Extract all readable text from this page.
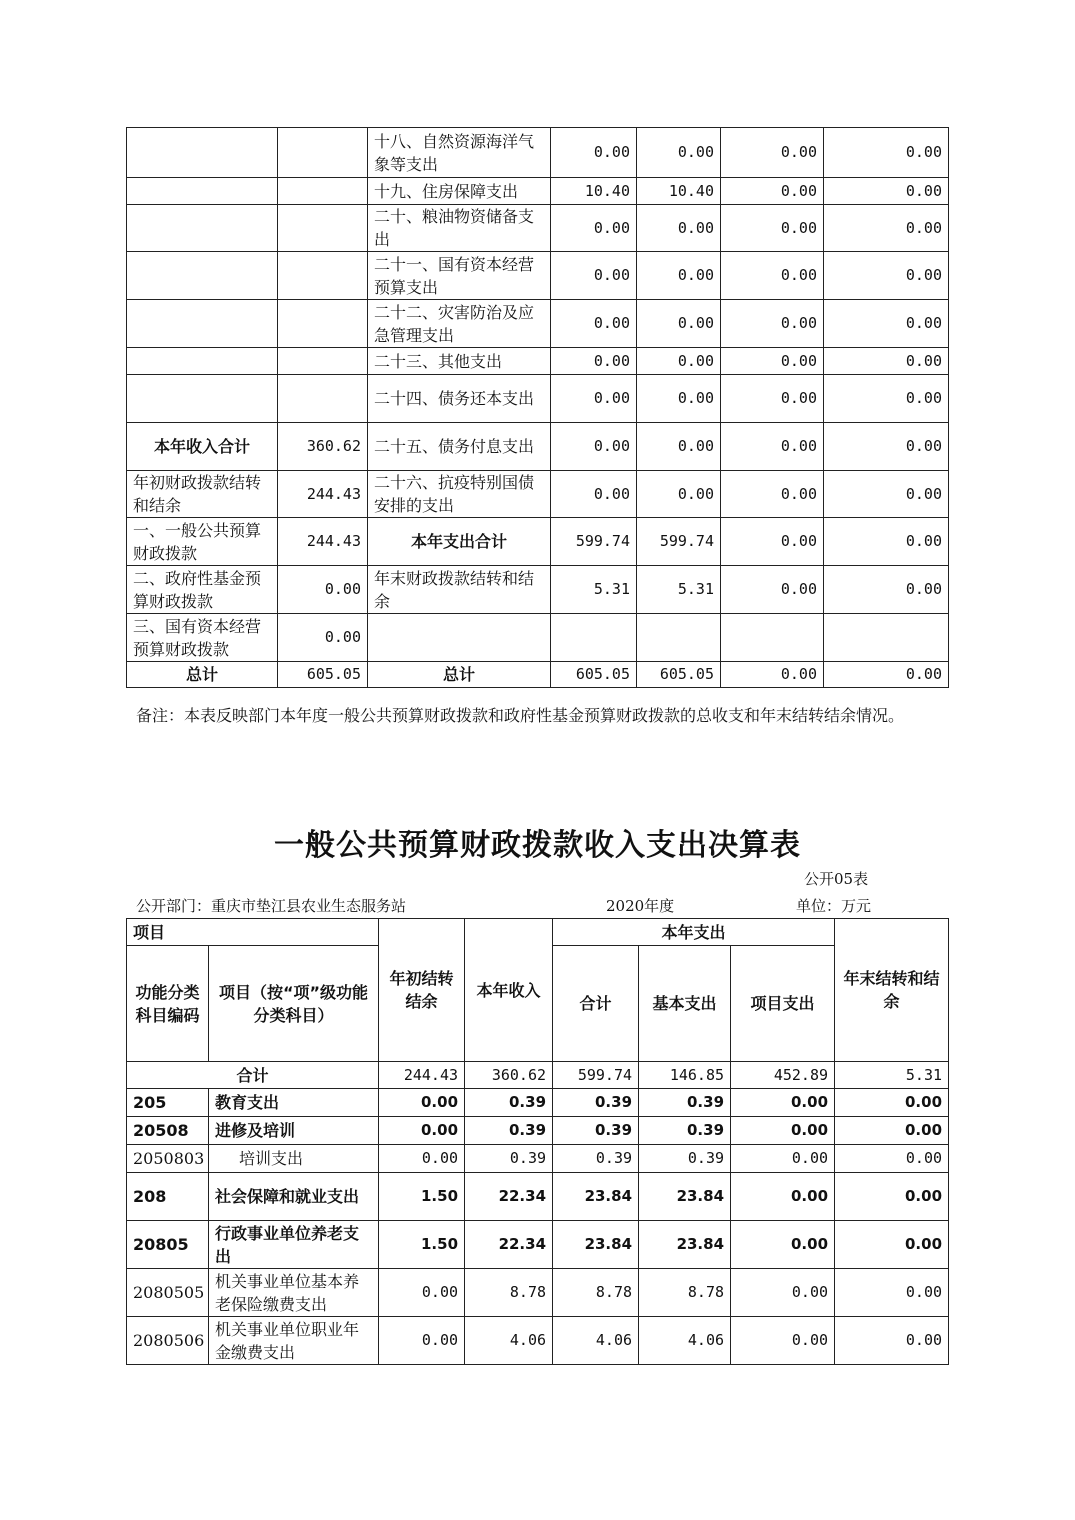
		十八、自然资源海洋气象等支出	0.00	0.00	0.00	0.00
		十九、住房保障支出	10.40	10.40	0.00	0.00
		二十、粮油物资储备支出	0.00	0.00	0.00	0.00
		二十一、国有资本经营预算支出	0.00	0.00	0.00	0.00
		二十二、灾害防治及应急管理支出	0.00	0.00	0.00	0.00
		二十三、其他支出	0.00	0.00	0.00	0.00
		二十四、债务还本支出	0.00	0.00	0.00	0.00
本年收入合计	360.62	二十五、债务付息支出	0.00	0.00	0.00	0.00
年初财政拨款结转和结余	244.43	二十六、抗疫特别国债安排的支出	0.00	0.00	0.00	0.00
一、一般公共预算财政拨款	244.43	本年支出合计	599.74	599.74	0.00	0.00
二、政府性基金预算财政拨款	0.00	年末财政拨款结转和结余	5.31	5.31	0.00	0.00
三、国有资本经营预算财政拨款	0.00					
总计	605.05	总计	605.05	605.05	0.00	0.00
备注：本表反映部门本年度一般公共预算财政拨款和政府性基金预算财政拨款的总收支和年末结转结余情况。
一般公共预算财政拨款收入支出决算表
公开05表
公开部门：重庆市垫江县农业生态服务站	2020年度	单位：万元
项目		年初结转结余	本年收入	本年支出			年末结转和结余
功能分类科目编码	项目（按“项”级功能分类科目）			合计	基本支出	项目支出	
合计		244.43	360.62	599.74	146.85	452.89	5.31
205	教育支出	0.00	0.39	0.39	0.39	0.00	0.00
20508	进修及培训	0.00	0.39	0.39	0.39	0.00	0.00
2050803	培训支出	0.00	0.39	0.39	0.39	0.00	0.00
208	社会保障和就业支出	1.50	22.34	23.84	23.84	0.00	0.00
20805	行政事业单位养老支出	1.50	22.34	23.84	23.84	0.00	0.00
2080505	机关事业单位基本养老保险缴费支出	0.00	8.78	8.78	8.78	0.00	0.00
2080506	机关事业单位职业年金缴费支出	0.00	4.06	4.06	4.06	0.00	0.00
